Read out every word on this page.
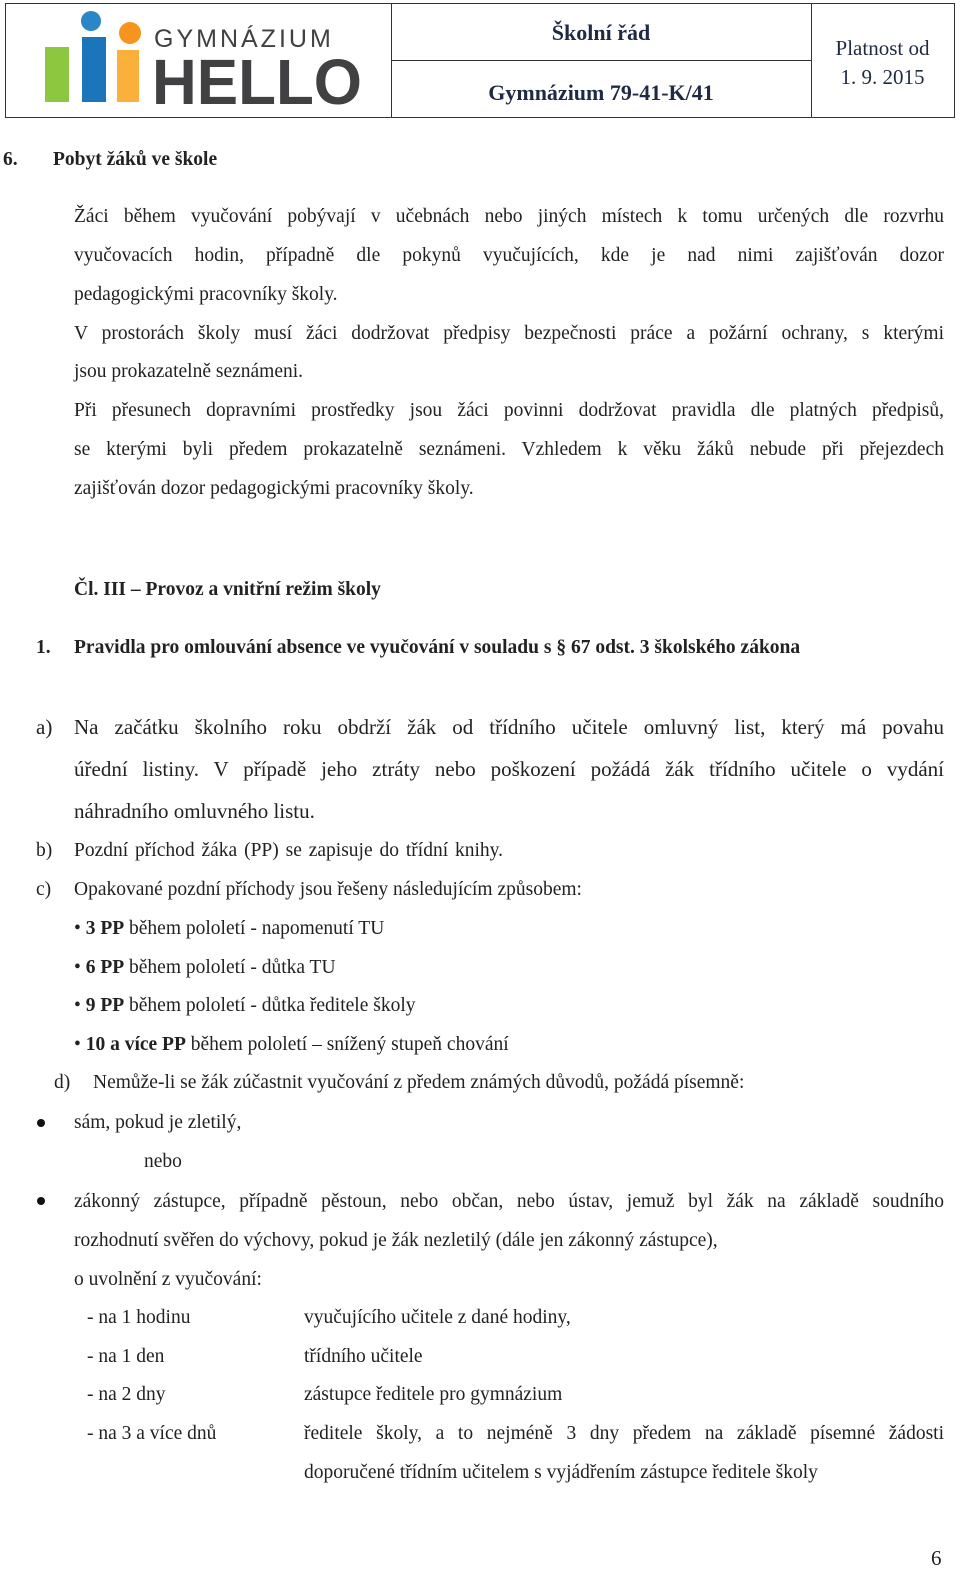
GYMNÁZIUM
HELLO
Školní řád
Gymnázium 79-41-K/41
Platnost od
1. 9. 2015
6. Pobyt žáků ve škole
Žáci během vyučování pobývají v učebnách nebo jiných místech k tomu určených dle rozvrhu
vyučovacích hodin, případně dle pokynů vyučujících, kde je nad nimi zajišťován dozor
pedagogickými pracovníky školy.
V prostorách školy musí žáci dodržovat předpisy bezpečnosti práce a požární ochrany, s kterými
jsou prokazatelně seznámeni.
Při přesunech dopravními prostředky jsou žáci povinni dodržovat pravidla dle platných předpisů,
se kterými byli předem prokazatelně seznámeni. Vzhledem k věku žáků nebude při přejezdech
zajišťován dozor pedagogickými pracovníky školy.
Čl. III – Provoz a vnitřní režim školy
1. Pravidla pro omlouvání absence ve vyučování v souladu s § 67 odst. 3 školského zákona
a) Na začátku školního roku obdrží žák od třídního učitele omluvný list, který má povahu
úřední listiny. V případě jeho ztráty nebo poškození požádá žák třídního učitele o vydání
náhradního omluvného listu.
b) Pozdní příchod žáka (PP) se zapisuje do třídní knihy.
c) Opakované pozdní příchody jsou řešeny následujícím způsobem:
• 3 PP během pololetí - napomenutí TU
• 6 PP během pololetí - důtka TU
• 9 PP během pololetí - důtka ředitele školy
• 10 a více PP během pololetí – snížený stupeň chování
d) Nemůže-li se žák zúčastnit vyučování z předem známých důvodů, požádá písemně:
sám, pokud je zletilý,
nebo
zákonný zástupce, případně pěstoun, nebo občan, nebo ústav, jemuž byl žák na základě soudního
rozhodnutí svěřen do výchovy, pokud je žák nezletilý (dále jen zákonný zástupce),
o uvolnění z vyučování:
- na 1 hodinu	vyučujícího učitele z dané hodiny,
- na 1 den	třídního učitele
- na 2 dny	zástupce ředitele pro gymnázium
- na 3 a více dnů	ředitele školy, a to nejméně 3 dny předem na základě písemné žádosti
doporučené třídním učitelem s vyjádřením zástupce ředitele školy
6
